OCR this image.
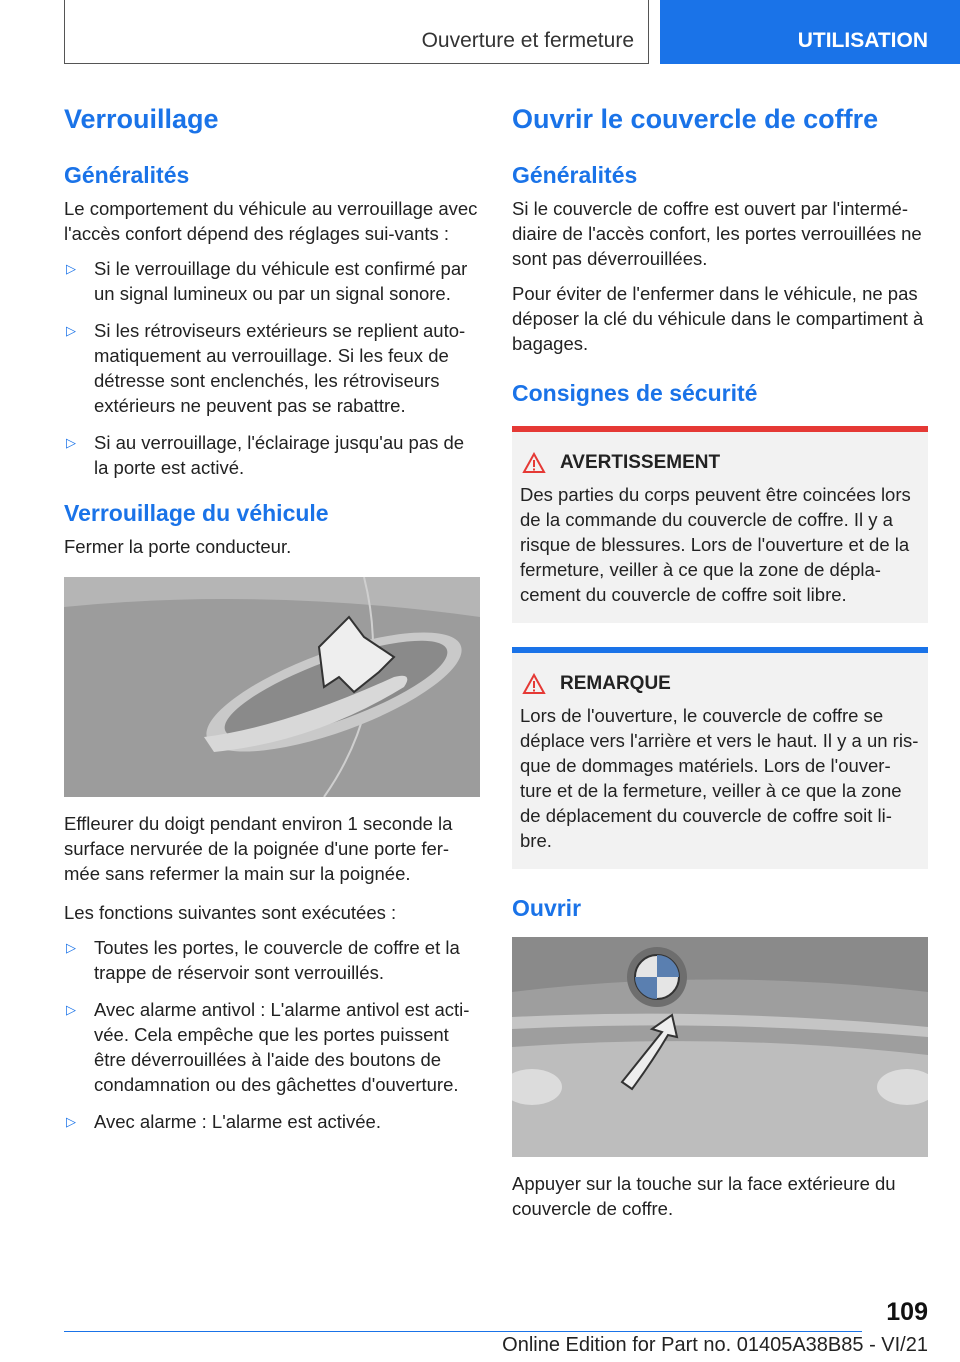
Ouverture et fermeture	UTILISATION
Verrouillage
Généralités

Le comportement du véhicule au verrouillage avec l'accès confort dépend des réglages sui-vants :

▷ Si le verrouillage du véhicule est confirmé par un signal lumineux ou par un signal sonore.
▷ Si les rétroviseurs extérieurs se replient auto-matiquement au verrouillage. Si les feux de détresse sont enclenchés, les rétroviseurs extérieurs ne peuvent pas se rabattre.
▷ Si au verrouillage, l'éclairage jusqu'au pas de la porte est activé.
Verrouillage du véhicule

Fermer la porte conducteur.

Effleurer du doigt pendant environ 1 seconde la surface nervurée de la poignée d'une porte fer-mée sans refermer la main sur la poignée.

Les fonctions suivantes sont exécutées :

▷ Toutes les portes, le couvercle de coffre et la trappe de réservoir sont verrouillés.
▷ Avec alarme antivol : L'alarme antivol est acti-vée. Cela empêche que les portes puissent être déverrouillées à l'aide des boutons de condamnation ou des gâchettes d'ouverture.
▷ Avec alarme : L'alarme est activée.
Ouvrir le couvercle de coffre
Généralités

Si le couvercle de coffre est ouvert par l'intermé-diaire de l'accès confort, les portes verrouillées ne sont pas déverrouillées.

Pour éviter de l'enfermer dans le véhicule, ne pas déposer la clé du véhicule dans le compartiment à bagages.

Consignes de sécurité
AVERTISSEMENT

Des parties du corps peuvent être coincées lors de la commande du couvercle de coffre. Il y a risque de blessures. Lors de l'ouverture et de la fermeture, veiller à ce que la zone de dépla-cement du couvercle de coffre soit libre.

REMARQUE

Lors de l'ouverture, le couvercle de coffre se déplace vers l'arrière et vers le haut. Il y a un ris-que de dommages matériels. Lors de l'ouver-ture et de la fermeture, veiller à ce que la zone de déplacement du couvercle de coffre soit li-bre.

Ouvrir

Appuyer sur la touche sur la face extérieure du couvercle de coffre.

109
Online Edition for Part no. 01405A38B85 - VI/21
